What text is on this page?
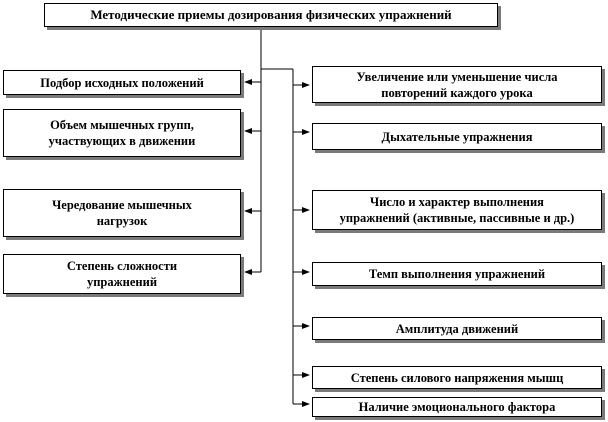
Методические приемы дозирования физических упражнений
Подбор исходных положений
Объем мышечных групп,
участвующих в движении
Чередование мышечных
нагрузок
Степень сложности
упражнений
Увеличение или уменьшение числа
повторений каждого урока
Дыхательные упражнения
Число и характер выполнения
упражнений (активные, пассивные и др.)
Темп выполнения упражнений
Амплитуда движений
Степень силового напряжения мышц
Наличие эмоционального фактора
